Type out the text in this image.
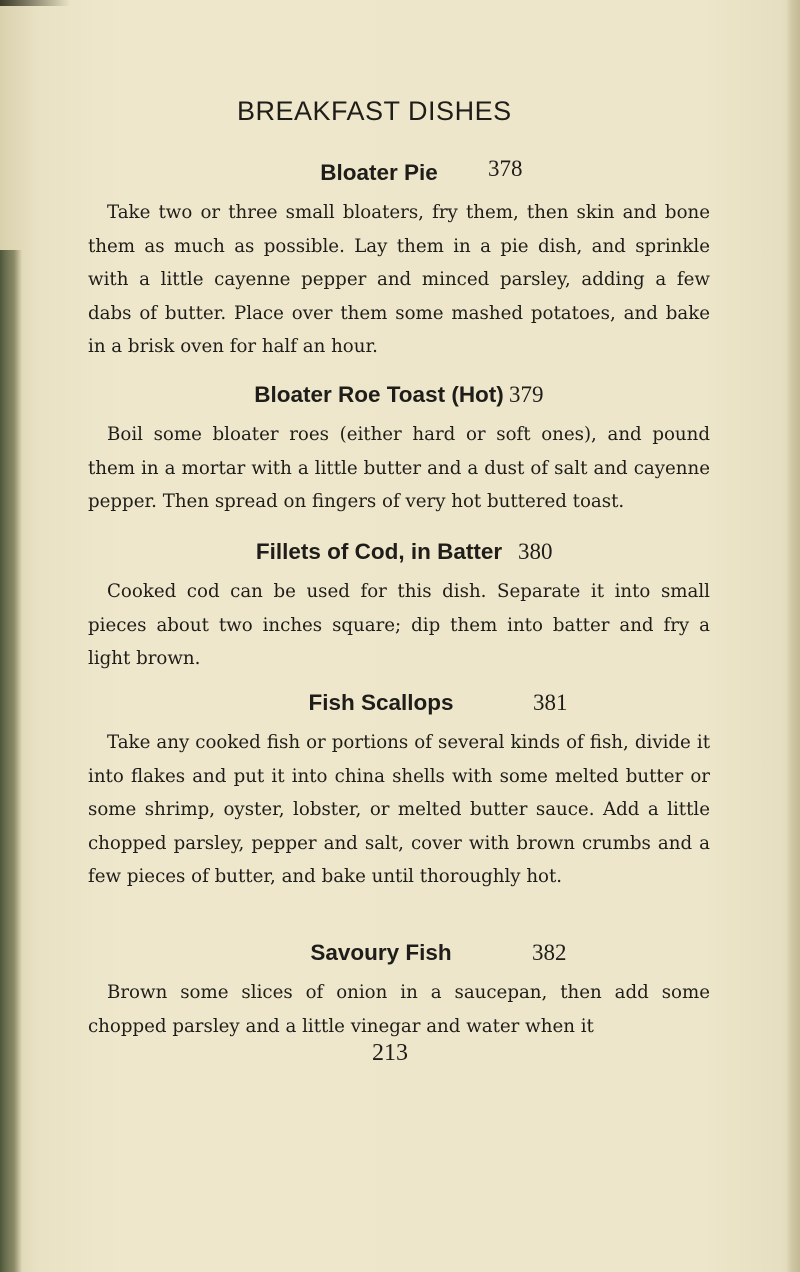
BREAKFAST DISHES
Bloater Pie	378

Take two or three small bloaters, fry them, then skin and bone them as much as possible. Lay them in a pie dish, and sprinkle with a little cayenne pepper and minced parsley, adding a few dabs of butter. Place over them some mashed potatoes, and bake in a brisk oven for half an hour.

Bloater Roe Toast (Hot) 379

Boil some bloater roes (either hard or soft ones), and pound them in a mortar with a little butter and a dust of salt and cayenne pepper. Then spread on fingers of very hot buttered toast.

Fillets of Cod, in Batter 380

Cooked cod can be used for this dish. Separate it into small pieces about two inches square; dip them into batter and fry a light brown.

Fish Scallops	381

Take any cooked fish or portions of several kinds of fish, divide it into flakes and put it into china shells with some melted butter or some shrimp, oyster, lobster, or melted butter sauce. Add a little chopped parsley, pepper and salt, cover with brown crumbs and a few pieces of butter, and bake until thoroughly hot.

Savoury Fish	382

Brown some slices of onion in a saucepan, then add some chopped parsley and a little vinegar and water when it

213
